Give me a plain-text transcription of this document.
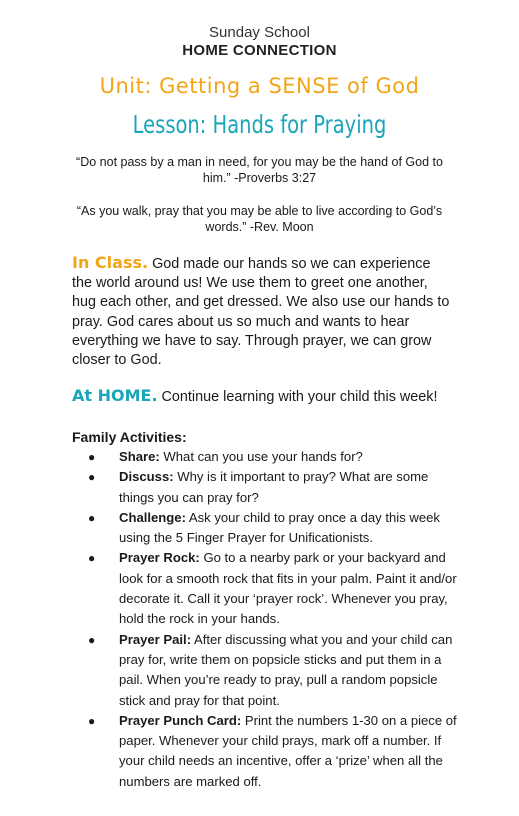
Sunday School
HOME CONNECTION
Unit: Getting a SENSE of God
Lesson: Hands for Praying
“Do not pass by a man in need, for you may be the hand of God to him.” -Proverbs 3:27
“As you walk, pray that you may be able to live according to God’s words.” -Rev. Moon
In Class. God made our hands so we can experience the world around us! We use them to greet one another, hug each other, and get dressed. We also use our hands to pray. God cares about us so much and wants to hear everything we have to say. Through prayer, we can grow closer to God.
At HOME. Continue learning with your child this week!
Family Activities:
● Share: What can you use your hands for?
● Discuss: Why is it important to pray? What are some things you can pray for?
● Challenge: Ask your child to pray once a day this week using the 5 Finger Prayer for Unificationists.
● Prayer Rock: Go to a nearby park or your backyard and look for a smooth rock that fits in your palm. Paint it and/or decorate it. Call it your ‘prayer rock’. Whenever you pray, hold the rock in your hands.
● Prayer Pail: After discussing what you and your child can pray for, write them on popsicle sticks and put them in a pail. When you’re ready to pray, pull a random popsicle stick and pray for that point.
● Prayer Punch Card: Print the numbers 1-30 on a piece of paper. Whenever your child prays, mark off a number. If your child needs an incentive, offer a ‘prize’ when all the numbers are marked off.
